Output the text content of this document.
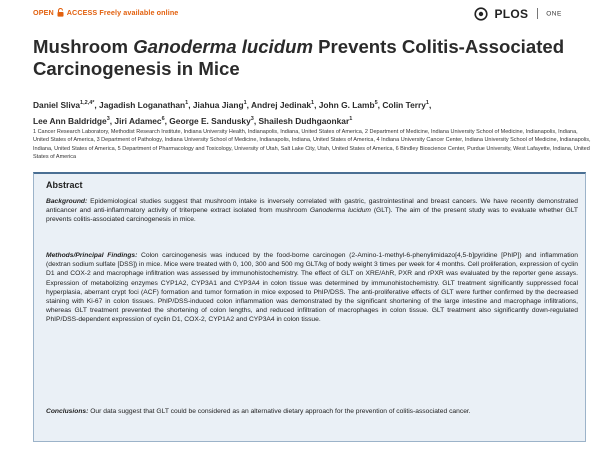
OPEN ACCESS Freely available online	PLOS	ONE
Mushroom Ganoderma lucidum Prevents Colitis-Associated Carcinogenesis in Mice
Daniel Sliva$^{1,2,4*}$, Jagadish Loganathan$^1$, Jiahua Jiang$^1$, Andrej Jedinak$^1$, John G. Lamb$^5$, Colin Terry$^1$,
Lee Ann Baldridge$^3$, Jiri Adamec$^6$, George E. Sandusky$^3$, Shailesh Dudhgaonkar$^1$
1 Cancer Research Laboratory, Methodist Research Institute, Indiana University Health, Indianapolis, Indiana, United States of America, 2 Department of Medicine, Indiana University School of Medicine, Indianapolis, Indiana, United States of America, 3 Department of Pathology, Indiana University School of Medicine, Indianapolis, Indiana, United States of America, 4 Indiana University Cancer Center, Indiana University School of Medicine, Indianapolis, Indiana, United States of America, 5 Department of Pharmacology and Toxicology, University of Utah, Salt Lake City, Utah, United States of America, 6 Bindley Bioscience Center, Purdue University, West Lafayette, Indiana, United States of America
Abstract

Background: Epidemiological studies suggest that mushroom intake is inversely correlated with gastric, gastrointestinal and breast cancers. We have recently demonstrated anticancer and anti-inflammatory activity of triterpene extract isolated from mushroom Ganoderma lucidum (GLT). The aim of the present study was to evaluate whether GLT prevents colitis-associated carcinogenesis in mice.

Methods/Principal Findings: Colon carcinogenesis was induced by the food-borne carcinogen (2-Amino-1-methyl-6-phenylimidazo[4,5-b]pyridine [PhIP]) and inflammation (dextran sodium sulfate [DSS]) in mice. Mice were treated with 0, 100, 300 and 500 mg GLT/kg of body weight 3 times per week for 4 months. Cell proliferation, expression of cyclin D1 and COX-2 and macrophage infiltration was assessed by immunohistochemistry. The effect of GLT on XRE/AhR, PXR and rPXR was evaluated by the reporter gene assays. Expression of metabolizing enzymes CYP1A2, CYP3A1 and CYP3A4 in colon tissue was determined by immunohistochemistry. GLT treatment significantly suppressed focal hyperplasia, aberrant crypt foci (ACF) formation and tumor formation in mice exposed to PhIP/DSS. The anti-proliferative effects of GLT were further confirmed by the decreased staining with Ki-67 in colon tissues. PhIP/DSS-induced colon inflammation was demonstrated by the significant shortening of the large intestine and macrophage infiltrations, whereas GLT treatment prevented the shortening of colon lengths, and reduced infiltration of macrophages in colon tissue. GLT treatment also significantly down-regulated PhIP/DSS-dependent expression of cyclin D1, COX-2, CYP1A2 and CYP3A4 in colon tissue.

Conclusions: Our data suggest that GLT could be considered as an alternative dietary approach for the prevention of colitis-associated cancer.
